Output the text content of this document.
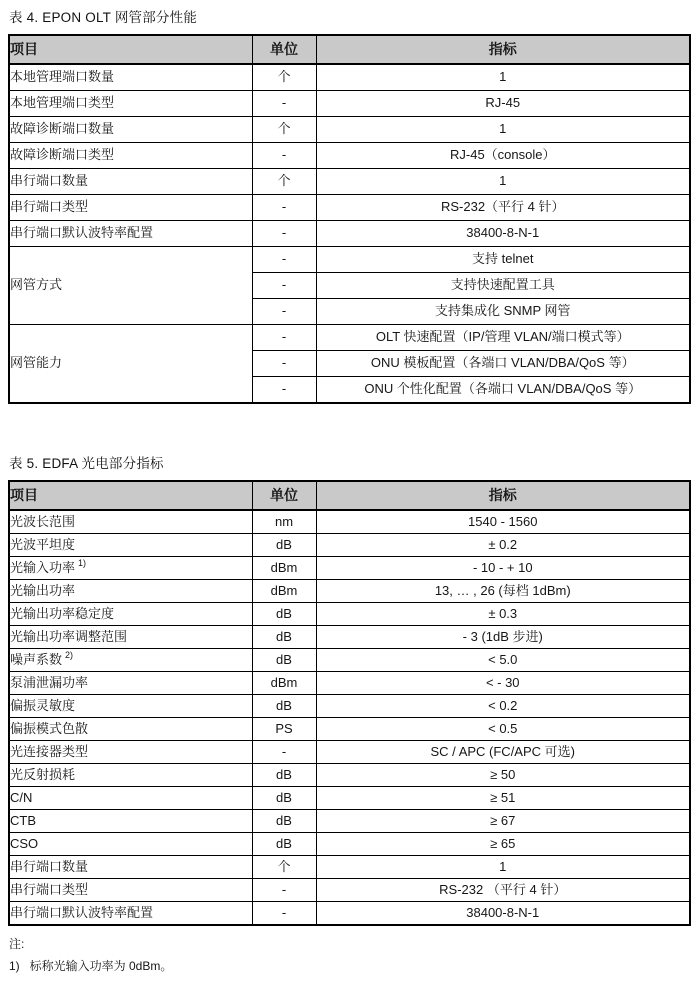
表 4. EPON OLT 网管部分性能
项目	单位	指标
本地管理端口数量	个	1
本地管理端口类型	-	RJ-45
故障诊断端口数量	个	1
故障诊断端口类型	-	RJ-45（console）
串行端口数量	个	1
串行端口类型	-	RS-232（平行 4 针）
串行端口默认波特率配置	-	38400-8-N-1
网管方式	-	支持 telnet
	-	支持快速配置工具
	-	支持集成化 SNMP 网管
网管能力	-	OLT 快速配置（IP/管理 VLAN/端口模式等）
	-	ONU 模板配置（各端口 VLAN/DBA/QoS 等）
	-	ONU 个性化配置（各端口 VLAN/DBA/QoS 等）
表 5. EDFA 光电部分指标
项目	单位	指标
光波长范围	nm	1540 - 1560
光波平坦度	dB	± 0.2
光输入功率 $^{1)}$	dBm	- 10 - + 10
光输出功率	dBm	13, … , 26 (每档 1dBm)
光输出功率稳定度	dB	± 0.3
光输出功率调整范围	dB	- 3 (1dB 步进)
噪声系数 $^{2)}$	dB	< 5.0
泵浦泄漏功率	dBm	< - 30
偏振灵敏度	dB	< 0.2
偏振模式色散	PS	< 0.5
光连接器类型	-	SC / APC (FC/APC 可选)
光反射损耗	dB	≥ 50
C/N	dB	≥ 51
CTB	dB	≥ 67
CSO	dB	≥ 65
串行端口数量	个	1
串行端口类型	-	RS-232 （平行 4 针）
串行端口默认波特率配置	-	38400-8-N-1
注:
1)   标称光输入功率为 0dBm。
